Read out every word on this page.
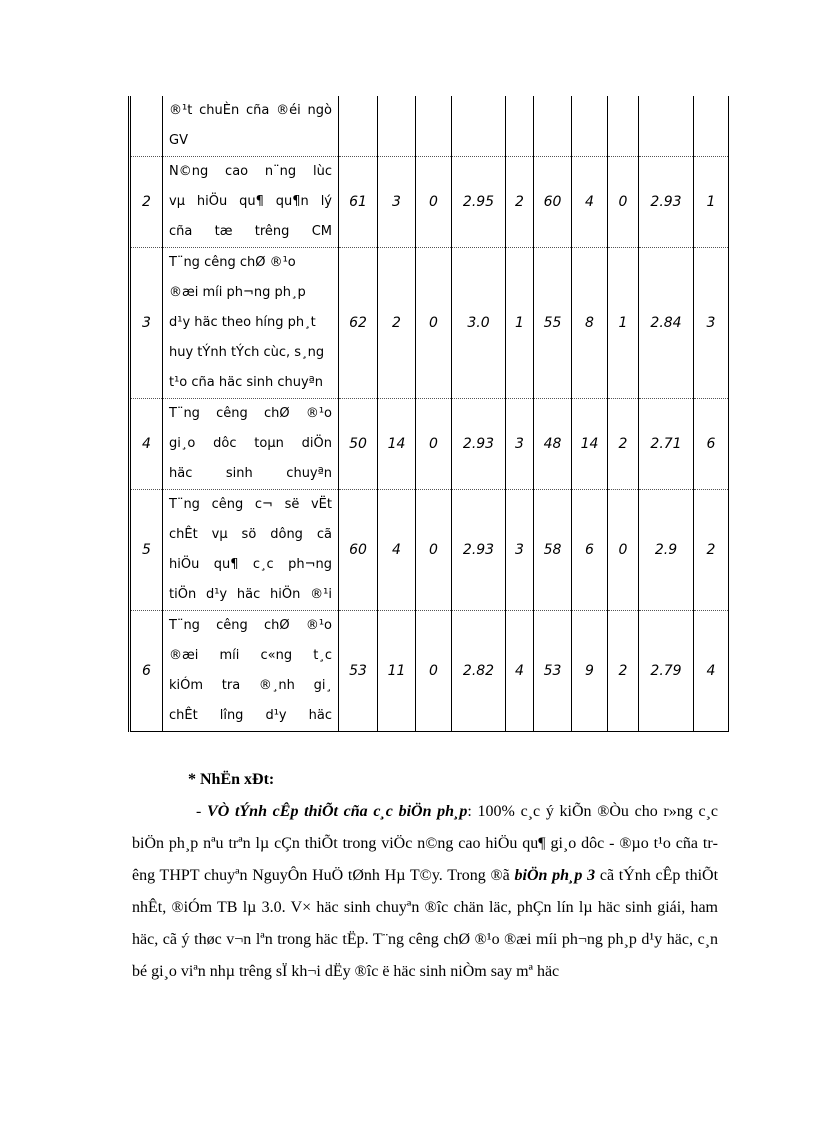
	®¹t chuÈn cña ®éi ngò
GV										

2	N©ng cao n¨ng lùc
vµ hiÖu qu¶ qu¶n lý
cña tæ trêng CM	61	3	0	2.95	2	60	4	0	2.93	1
3	T¨ng cêng chØ ®¹o
®æi míi ph¬ng ph¸p
d¹y häc theo híng ph¸t
huy tÝnh tÝch cùc, s¸ng
t¹o cña häc sinh chuyªn	62	2	0	3.0	1	55	8	1	2.84	3
4	T¨ng cêng chØ ®¹o
gi¸o dôc toµn diÖn
häc sinh chuyªn	50	14	0	2.93	3	48	14	2	2.71	6
5	T¨ng cêng c¬ së vËt
chÊt vµ sö dông cã
hiÖu qu¶ c¸c ph¬ng
tiÖn d¹y häc hiÖn ®¹i	60	4	0	2.93	3	58	6	0	2.9	2
6	T¨ng cêng chØ ®¹o
®æi míi c«ng t¸c
kiÓm tra ®¸nh gi¸
chÊt lîng d¹y häc	53	11	0	2.82	4	53	9	2	2.79	4

* NhËn xÐt:

- VÒ tÝnh cÊp thiÕt cña c¸c biÖn ph¸p: 100% c¸c ý kiÕn ®Òu cho r»ng c¸c biÖn ph¸p nªu trªn lµ cÇn thiÕt trong viÖc n©ng cao hiÖu qu¶ gi¸o dôc - ®µo t¹o cña trêng THPT chuyªn NguyÔn HuÖ tØnh Hµ T©y. Trong ®ã biÖn ph¸p 3 cã tÝnh cÊp thiÕt nhÊt, ®iÓm TB lµ 3.0. V× häc sinh chuyªn ®îc chän läc, phÇn lín lµ häc sinh giái, ham häc, cã ý thøc v¬n lªn trong häc tËp. T¨ng cêng chØ ®¹o ®æi míi ph¬ng ph¸p d¹y häc, c¸n bé gi¸o viªn nhµ trêng sÏ kh¬i dËy ®îc ë häc sinh niÒm say mª häc
